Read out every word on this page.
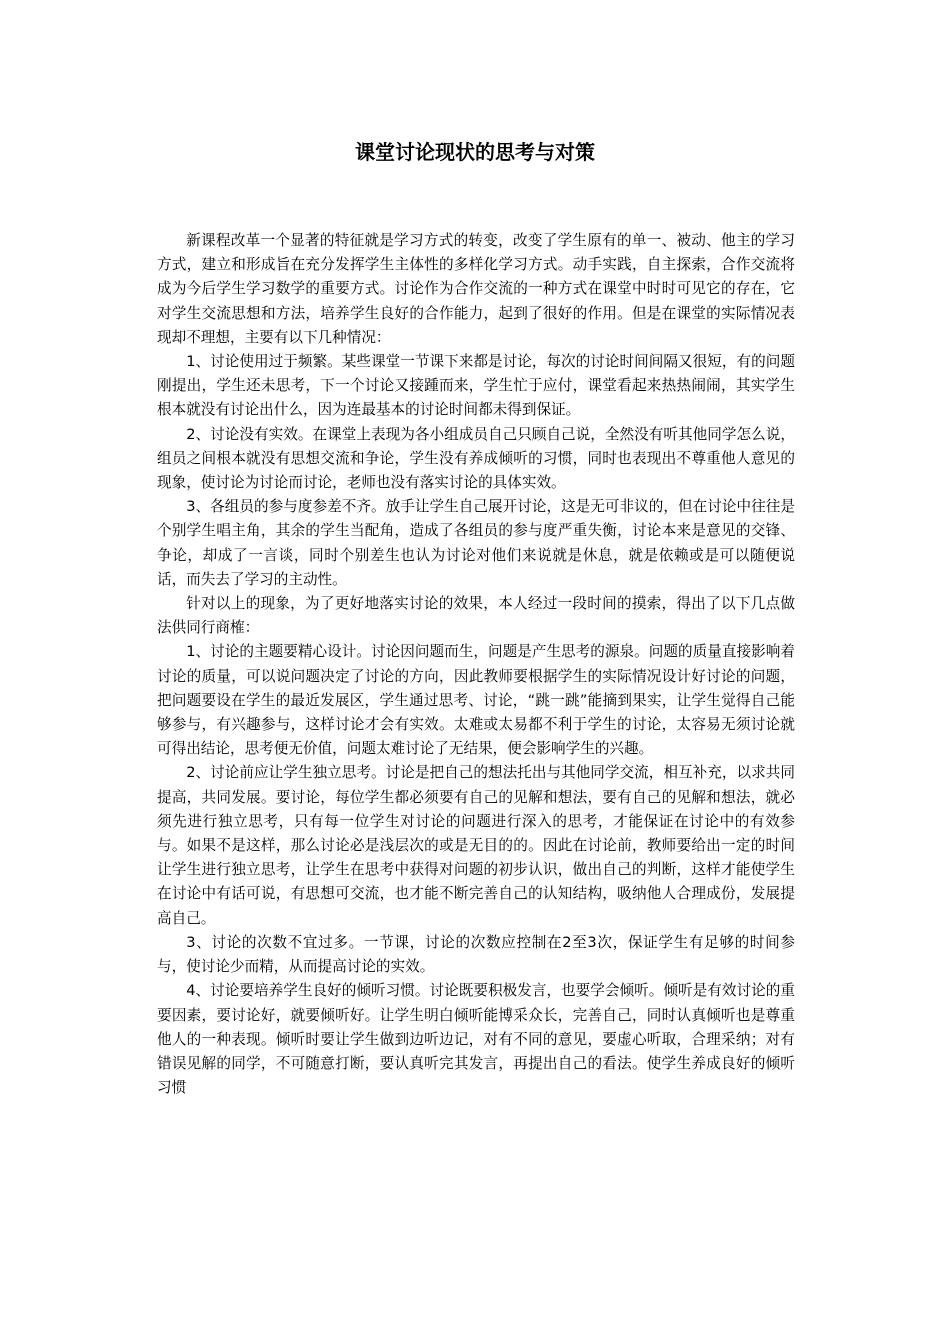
课堂讨论现状的思考与对策

新课程改革一个显著的特征就是学习方式的转变，改变了学生原有的单一、被动、他主的学习方式，建立和形成旨在充分发挥学生主体性的多样化学习方式。动手实践，自主探索，合作交流将成为今后学生学习数学的重要方式。讨论作为合作交流的一种方式在课堂中时时可见它的存在，它对学生交流思想和方法，培养学生良好的合作能力，起到了很好的作用。但是在课堂的实际情况表现却不理想，主要有以下几种情况：

1、讨论使用过于频繁。某些课堂一节课下来都是讨论，每次的讨论时间间隔又很短，有的问题刚提出，学生还未思考，下一个讨论又接踵而来，学生忙于应付，课堂看起来热热闹闹，其实学生根本就没有讨论出什么，因为连最基本的讨论时间都未得到保证。

2、讨论没有实效。在课堂上表现为各小组成员自己只顾自己说，全然没有听其他同学怎么说，组员之间根本就没有思想交流和争论，学生没有养成倾听的习惯，同时也表现出不尊重他人意见的现象，使讨论为讨论而讨论，老师也没有落实讨论的具体实效。

3、各组员的参与度参差不齐。放手让学生自己展开讨论，这是无可非议的，但在讨论中往往是个别学生唱主角，其余的学生当配角，造成了各组员的参与度严重失衡，讨论本来是意见的交锋、争论，却成了一言谈，同时个别差生也认为讨论对他们来说就是休息，就是依赖或是可以随便说话，而失去了学习的主动性。

针对以上的现象，为了更好地落实讨论的效果，本人经过一段时间的摸索，得出了以下几点做法供同行商榷：

1、讨论的主题要精心设计。讨论因问题而生，问题是产生思考的源泉。问题的质量直接影响着讨论的质量，可以说问题决定了讨论的方向，因此教师要根据学生的实际情况设计好讨论的问题，把问题要设在学生的最近发展区，学生通过思考、讨论，“跳一跳”能摘到果实，让学生觉得自己能够参与，有兴趣参与，这样讨论才会有实效。太难或太易都不利于学生的讨论，太容易无须讨论就可得出结论，思考便无价值，问题太难讨论了无结果，便会影响学生的兴趣。

2、讨论前应让学生独立思考。讨论是把自己的想法托出与其他同学交流，相互补充，以求共同提高，共同发展。要讨论，每位学生都必须要有自己的见解和想法，要有自己的见解和想法，就必须先进行独立思考，只有每一位学生对讨论的问题进行深入的思考，才能保证在讨论中的有效参与。如果不是这样，那么讨论必是浅层次的或是无目的的。因此在讨论前，教师要给出一定的时间让学生进行独立思考，让学生在思考中获得对问题的初步认识，做出自己的判断，这样才能使学生在讨论中有话可说，有思想可交流，也才能不断完善自己的认知结构，吸纳他人合理成份，发展提高自己。

3、讨论的次数不宜过多。一节课，讨论的次数应控制在2至3次，保证学生有足够的时间参与，使讨论少而精，从而提高讨论的实效。

4、讨论要培养学生良好的倾听习惯。讨论既要积极发言，也要学会倾听。倾听是有效讨论的重要因素，要讨论好，就要倾听好。让学生明白倾听能博采众长，完善自己，同时认真倾听也是尊重他人的一种表现。倾听时要让学生做到边听边记，对有不同的意见，要虚心听取，合理采纳；对有错误见解的同学，不可随意打断，要认真听完其发言，再提出自己的看法。使学生养成良好的倾听习惯
